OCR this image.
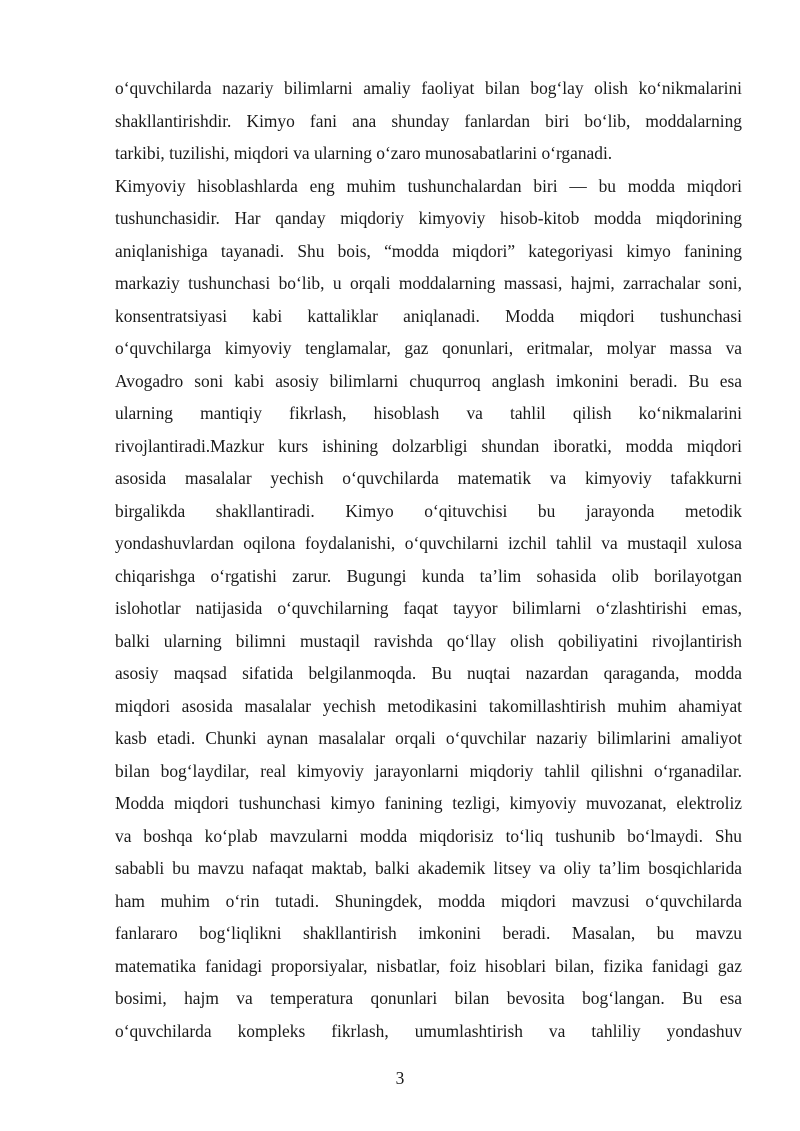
o‘quvchilarda nazariy bilimlarni amaliy faoliyat bilan bog‘lay olish ko‘nikmalarini
shakllantirishdir. Kimyo fani ana shunday fanlardan biri bo‘lib, moddalarning
tarkibi, tuzilishi, miqdori va ularning o‘zaro munosabatlarini o‘rganadi.
Kimyoviy hisoblashlarda eng muhim tushunchalardan biri — bu modda miqdori
tushunchasidir. Har qanday miqdoriy kimyoviy hisob-kitob modda miqdorining
aniqlanishiga tayanadi. Shu bois, “modda miqdori” kategoriyasi kimyo fanining
markaziy tushunchasi bo‘lib, u orqali moddalarning massasi, hajmi, zarrachalar soni,
konsentratsiyasi kabi kattaliklar aniqlanadi. Modda miqdori tushunchasi
o‘quvchilarga kimyoviy tenglamalar, gaz qonunlari, eritmalar, molyar massa va
Avogadro soni kabi asosiy bilimlarni chuqurroq anglash imkonini beradi. Bu esa
ularning mantiqiy fikrlash, hisoblash va tahlil qilish ko‘nikmalarini
rivojlantiradi.Mazkur kurs ishining dolzarbligi shundan iboratki, modda miqdori
asosida masalalar yechish o‘quvchilarda matematik va kimyoviy tafakkurni
birgalikda shakllantiradi. Kimyo o‘qituvchisi bu jarayonda metodik
yondashuvlardan oqilona foydalanishi, o‘quvchilarni izchil tahlil va mustaqil xulosa
chiqarishga o‘rgatishi zarur. Bugungi kunda ta’lim sohasida olib borilayotgan
islohotlar natijasida o‘quvchilarning faqat tayyor bilimlarni o‘zlashtirishi emas,
balki ularning bilimni mustaqil ravishda qo‘llay olish qobiliyatini rivojlantirish
asosiy maqsad sifatida belgilanmoqda. Bu nuqtai nazardan qaraganda, modda
miqdori asosida masalalar yechish metodikasini takomillashtirish muhim ahamiyat
kasb etadi. Chunki aynan masalalar orqali o‘quvchilar nazariy bilimlarini amaliyot
bilan bog‘laydilar, real kimyoviy jarayonlarni miqdoriy tahlil qilishni o‘rganadilar.
Modda miqdori tushunchasi kimyo fanining tezligi, kimyoviy muvozanat, elektroliz
va boshqa ko‘plab mavzularni modda miqdorisiz to‘liq tushunib bo‘lmaydi. Shu
sababli bu mavzu nafaqat maktab, balki akademik litsey va oliy ta’lim bosqichlarida
ham muhim o‘rin tutadi. Shuningdek, modda miqdori mavzusi o‘quvchilarda
fanlararo bog‘liqlikni shakllantirish imkonini beradi. Masalan, bu mavzu
matematika fanidagi proporsiyalar, nisbatlar, foiz hisoblari bilan, fizika fanidagi gaz
bosimi, hajm va temperatura qonunlari bilan bevosita bog‘langan. Bu esa
o‘quvchilarda kompleks fikrlash, umumlashtirish va tahliliy yondashuv
3
